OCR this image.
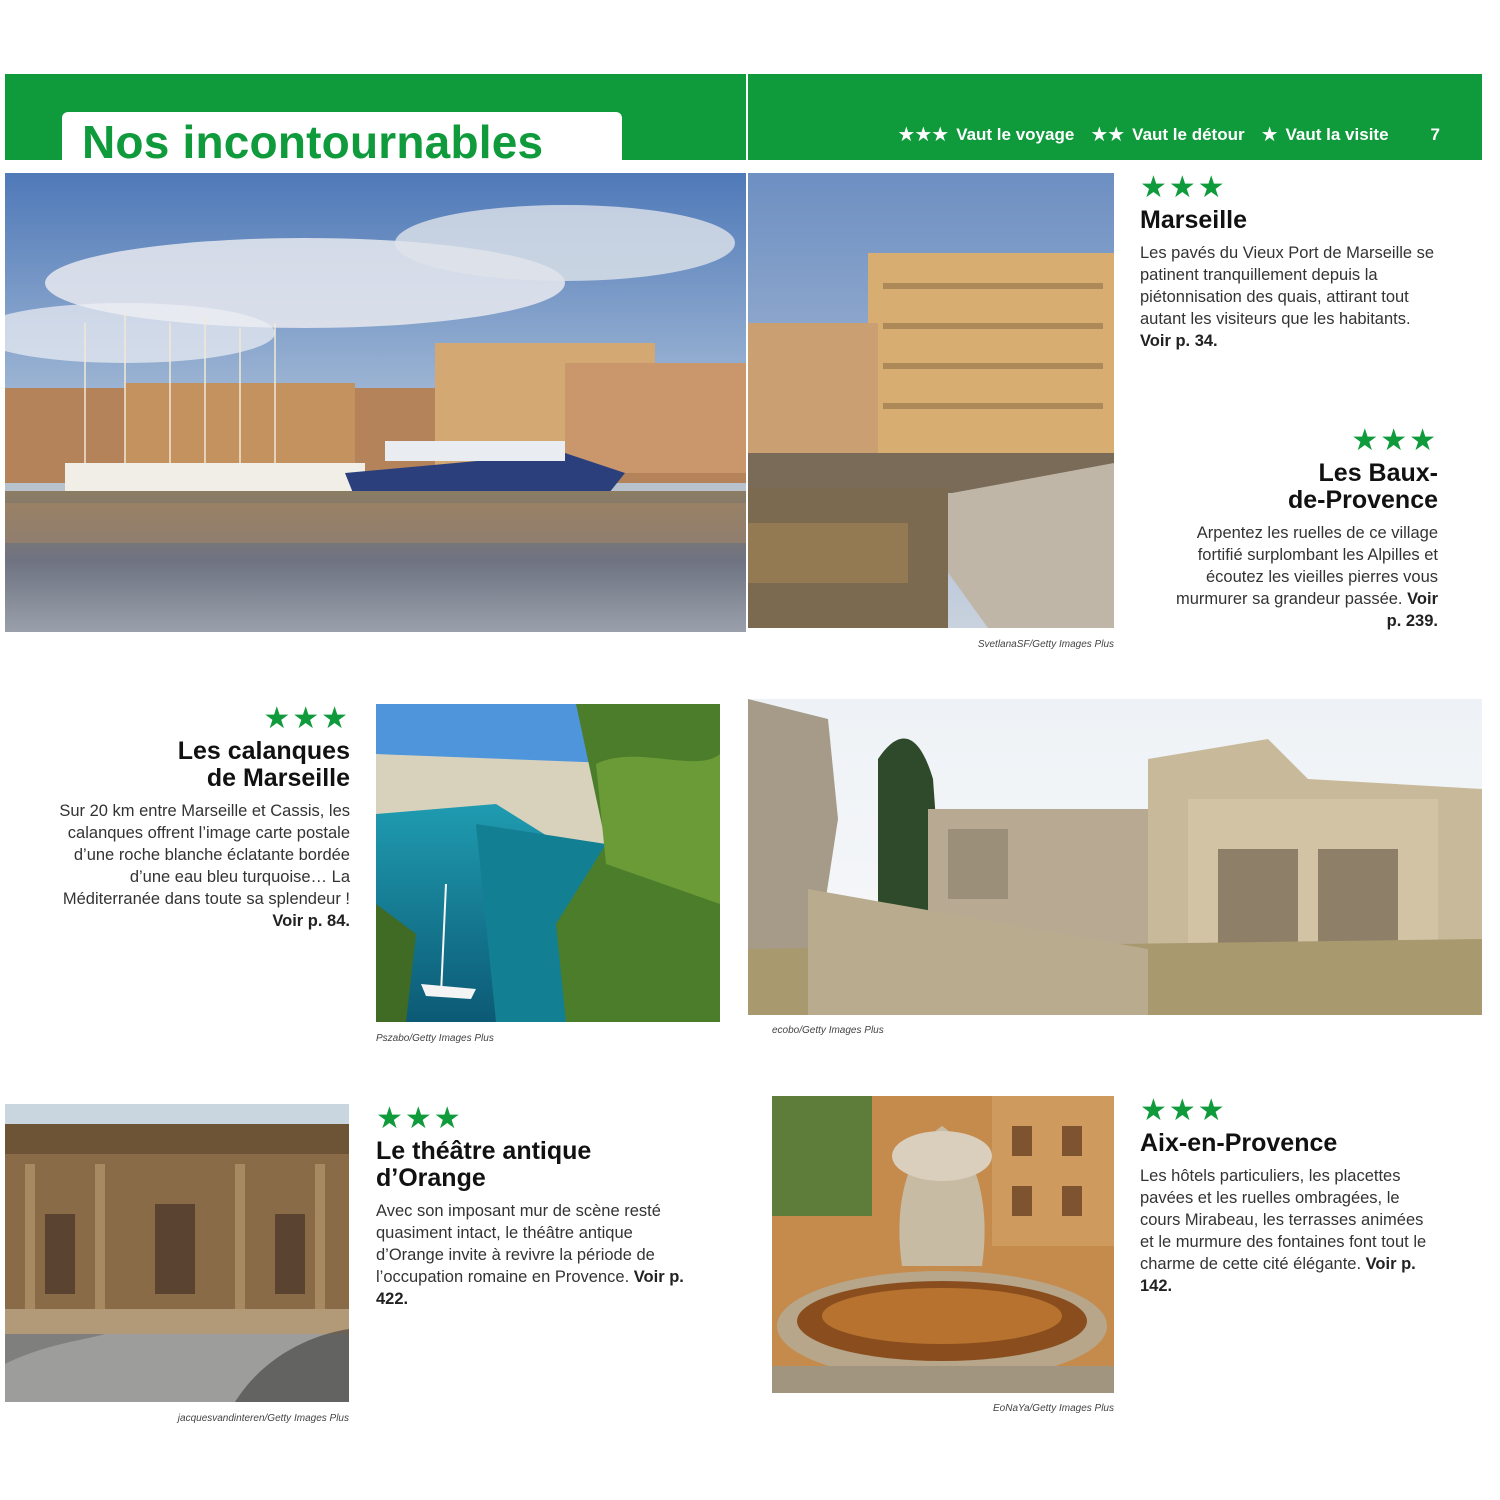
Nos incontournables	★★★ Vaut le voyage ★★ Vaut le détour ★ Vaut la visite 7
SvetlanaSF/Getty Images Plus
★★★
Marseille

Les pavés du Vieux Port de Marseille se patinent tranquillement depuis la piétonnisation des quais, attirant tout autant les visiteurs que les habitants. Voir p. 34.

★★★
Les Baux-
de-Provence

Arpentez les ruelles de ce village fortifié surplombant les Alpilles et écoutez les vieilles pierres vous murmurer sa grandeur passée. Voir p. 239.

★★★
Les calanques
de Marseille

Sur 20 km entre Marseille et Cassis, les calanques offrent l’image carte postale d’une roche blanche éclatante bordée d’une eau bleu turquoise… La Méditerranée dans toute sa splendeur ! Voir p. 84.

Pszabo/Getty Images Plus
ecobo/Getty Images Plus
jacquesvandinteren/Getty Images Plus
★★★
Le théâtre antique
d’Orange

Avec son imposant mur de scène resté quasiment intact, le théâtre antique d’Orange invite à revivre la période de l’occupation romaine en Provence. Voir p. 422.

EoNaYa/Getty Images Plus
★★★
Aix-en-Provence

Les hôtels particuliers, les placettes pavées et les ruelles ombragées, le cours Mirabeau, les terrasses animées et le murmure des fontaines font tout le charme de cette cité élégante. Voir p. 142.
